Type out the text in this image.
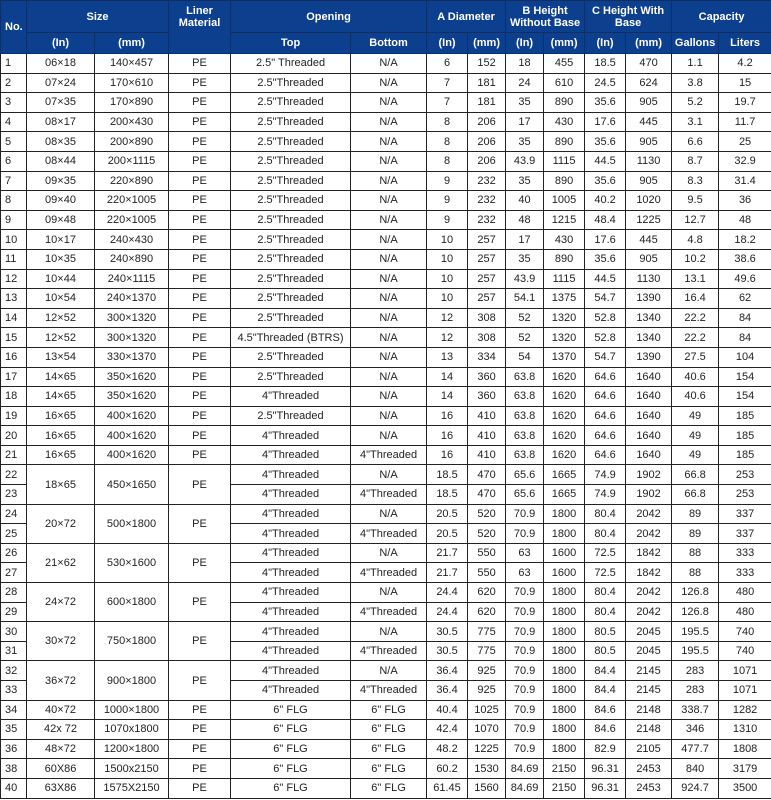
No.	Size		Liner Material	Opening		A Diameter		B Height Without Base		C Height With Base		Capacity	
	(In)	(mm)		Top	Bottom	(In)	(mm)	(In)	(mm)	(In)	(mm)	Gallons	Liters
1	06×18	140×457	PE	2.5" Threaded	N/A	6	152	18	455	18.5	470	1.1	4.2
2	07×24	170×610	PE	2.5"Threaded	N/A	7	181	24	610	24.5	624	3.8	15
3	07×35	170×890	PE	2.5"Threaded	N/A	7	181	35	890	35.6	905	5.2	19.7
4	08×17	200×430	PE	2.5"Threaded	N/A	8	206	17	430	17.6	445	3.1	11.7
5	08×35	200×890	PE	2.5"Threaded	N/A	8	206	35	890	35.6	905	6.6	25
6	08×44	200×1115	PE	2.5"Threaded	N/A	8	206	43.9	1115	44.5	1130	8.7	32.9
7	09×35	220×890	PE	2.5"Threaded	N/A	9	232	35	890	35.6	905	8.3	31.4
8	09×40	220×1005	PE	2.5"Threaded	N/A	9	232	40	1005	40.2	1020	9.5	36
9	09×48	220×1005	PE	2.5"Threaded	N/A	9	232	48	1215	48.4	1225	12.7	48
10	10×17	240×430	PE	2.5"Threaded	N/A	10	257	17	430	17.6	445	4.8	18.2
11	10×35	240×890	PE	2.5"Threaded	N/A	10	257	35	890	35.6	905	10.2	38.6
12	10×44	240×1115	PE	2.5"Threaded	N/A	10	257	43.9	1115	44.5	1130	13.1	49.6
13	10×54	240×1370	PE	2.5"Threaded	N/A	10	257	54.1	1375	54.7	1390	16.4	62
14	12×52	300×1320	PE	2.5"Threaded	N/A	12	308	52	1320	52.8	1340	22.2	84
15	12×52	300×1320	PE	4.5"Threaded (BTRS)	N/A	12	308	52	1320	52.8	1340	22.2	84
16	13×54	330×1370	PE	2.5"Threaded	N/A	13	334	54	1370	54.7	1390	27.5	104
17	14×65	350×1620	PE	2.5"Threaded	N/A	14	360	63.8	1620	64.6	1640	40.6	154
18	14×65	350×1620	PE	4"Threaded	N/A	14	360	63.8	1620	64.6	1640	40.6	154
19	16×65	400×1620	PE	2.5"Threaded	N/A	16	410	63.8	1620	64.6	1640	49	185
20	16×65	400×1620	PE	4"Threaded	N/A	16	410	63.8	1620	64.6	1640	49	185
21	16×65	400×1620	PE	4"Threaded	4"Threaded	16	410	63.8	1620	64.6	1640	49	185
22	18×65	450×1650	PE	4"Threaded	N/A	18.5	470	65.6	1665	74.9	1902	66.8	253
23				4"Threaded	4"Threaded	18.5	470	65.6	1665	74.9	1902	66.8	253
24	20×72	500×1800	PE	4"Threaded	N/A	20.5	520	70.9	1800	80.4	2042	89	337
25				4"Threaded	4"Threaded	20.5	520	70.9	1800	80.4	2042	89	337
26	21×62	530×1600	PE	4"Threaded	N/A	21.7	550	63	1600	72.5	1842	88	333
27				4"Threaded	4"Threaded	21.7	550	63	1600	72.5	1842	88	333
28	24×72	600×1800	PE	4"Threaded	N/A	24.4	620	70.9	1800	80.4	2042	126.8	480
29				4"Threaded	4"Threaded	24.4	620	70.9	1800	80.4	2042	126.8	480
30	30×72	750×1800	PE	4"Threaded	N/A	30.5	775	70.9	1800	80.5	2045	195.5	740
31				4"Threaded	4"Threaded	30.5	775	70.9	1800	80.5	2045	195.5	740
32	36×72	900×1800	PE	4"Threaded	N/A	36.4	925	70.9	1800	84.4	2145	283	1071
33				4"Threaded	4"Threaded	36.4	925	70.9	1800	84.4	2145	283	1071
34	40×72	1000×1800	PE	6" FLG	6" FLG	40.4	1025	70.9	1800	84.6	2148	338.7	1282
35	42x 72	1070x1800	PE	6" FLG	6" FLG	42.4	1070	70.9	1800	84.6	2148	346	1310
36	48×72	1200×1800	PE	6" FLG	6" FLG	48.2	1225	70.9	1800	82.9	2105	477.7	1808
38	60X86	1500x2150	PE	6" FLG	6" FLG	60.2	1530	84.69	2150	96.31	2453	840	3179
40	63X86	1575X2150	PE	6" FLG	6" FLG	61.45	1560	84.69	2150	96.31	2453	924.7	3500
